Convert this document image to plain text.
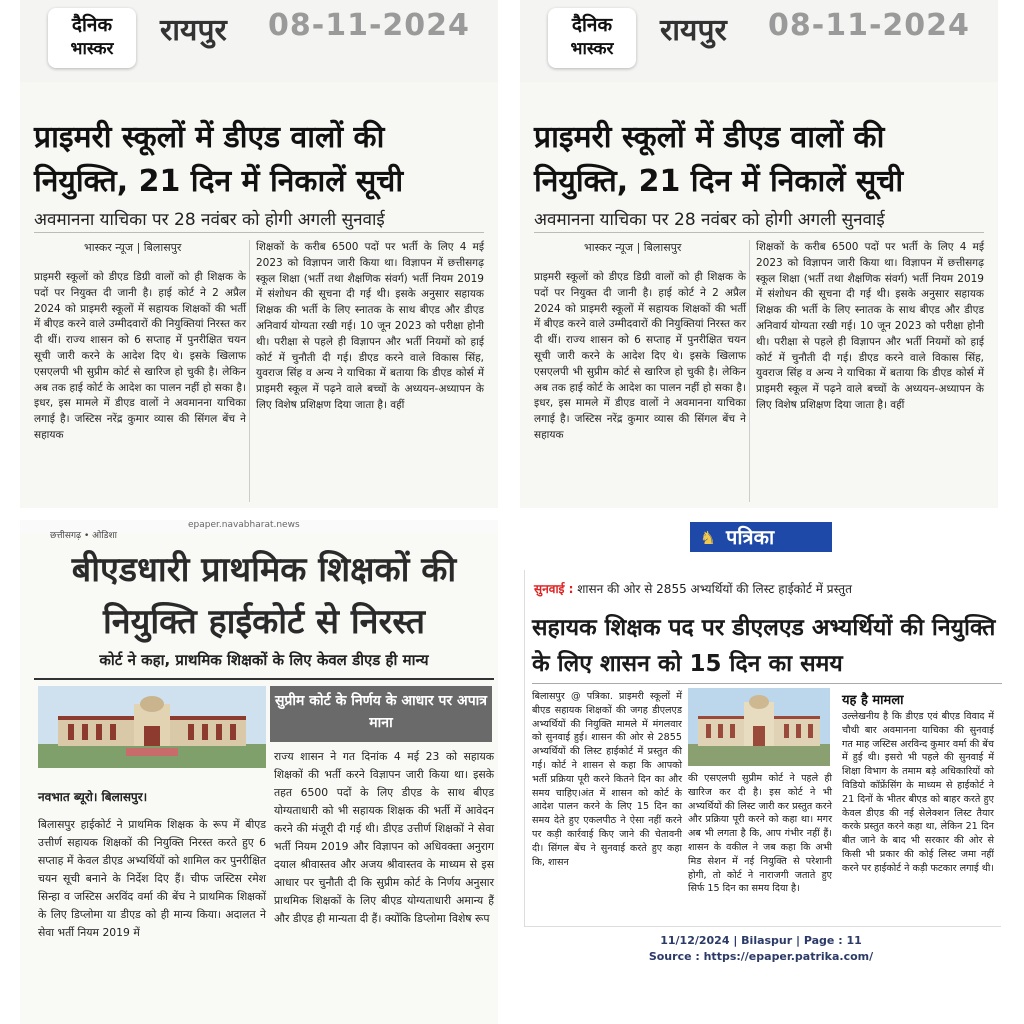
दैनिक
भास्कर
रायपुर 08-11-2024
प्राइमरी स्कूलों में डीएड वालों की नियुक्ति, 21 दिन में निकालें सूची
अवमानना याचिका पर 28 नवंबर को होगी अगली सुनवाई
भास्कर न्यूज | बिलासपुर
प्राइमरी स्कूलों को डीएड डिग्री वालों को ही शिक्षक के पदों पर नियुक्त दी जानी है। हाई कोर्ट ने 2 अप्रैल 2024 को प्राइमरी स्कूलों में सहायक शिक्षकों की भर्ती में बीएड करने वाले उम्मीदवारों की नियुक्तियां निरस्त कर दी थीं। राज्य शासन को 6 सप्ताह में पुनरीक्षित चयन सूची जारी करने के आदेश दिए थे। इसके खिलाफ एसएलपी भी सुप्रीम कोर्ट से खारिज हो चुकी है। लेकिन अब तक हाई कोर्ट के आदेश का पालन नहीं हो सका है। इधर, इस मामले में डीएड वालों ने अवमानना याचिका लगाई है। जस्टिस नरेंद्र कुमार व्यास की सिंगल बेंच ने सहायक
शिक्षकों के करीब 6500 पदों पर भर्ती के लिए 4 मई 2023 को विज्ञापन जारी किया था। विज्ञापन में छत्तीसगढ़ स्कूल शिक्षा (भर्ती तथा शैक्षणिक संवर्ग) भर्ती नियम 2019 में संशोधन की सूचना दी गई थी। इसके अनुसार सहायक शिक्षक की भर्ती के लिए स्नातक के साथ बीएड और डीएड अनिवार्य योग्यता रखी गई। 10 जून 2023 को परीक्षा होनी थी। परीक्षा से पहले ही विज्ञापन और भर्ती नियमों को हाई कोर्ट में चुनौती दी गई। डीएड करने वाले विकास सिंह, युवराज सिंह व अन्य ने याचिका में बताया कि डीएड कोर्स में प्राइमरी स्कूल में पढ़ने वाले बच्चों के अध्ययन-अध्यापन के लिए विशेष प्रशिक्षण दिया जाता है। वहीं
दैनिक
भास्कर
रायपुर 08-11-2024
प्राइमरी स्कूलों में डीएड वालों की नियुक्ति, 21 दिन में निकालें सूची
अवमानना याचिका पर 28 नवंबर को होगी अगली सुनवाई
भास्कर न्यूज | बिलासपुर
प्राइमरी स्कूलों को डीएड डिग्री वालों को ही शिक्षक के पदों पर नियुक्त दी जानी है। हाई कोर्ट ने 2 अप्रैल 2024 को प्राइमरी स्कूलों में सहायक शिक्षकों की भर्ती में बीएड करने वाले उम्मीदवारों की नियुक्तियां निरस्त कर दी थीं। राज्य शासन को 6 सप्ताह में पुनरीक्षित चयन सूची जारी करने के आदेश दिए थे। इसके खिलाफ एसएलपी भी सुप्रीम कोर्ट से खारिज हो चुकी है। लेकिन अब तक हाई कोर्ट के आदेश का पालन नहीं हो सका है। इधर, इस मामले में डीएड वालों ने अवमानना याचिका लगाई है। जस्टिस नरेंद्र कुमार व्यास की सिंगल बेंच ने सहायक
शिक्षकों के करीब 6500 पदों पर भर्ती के लिए 4 मई 2023 को विज्ञापन जारी किया था। विज्ञापन में छत्तीसगढ़ स्कूल शिक्षा (भर्ती तथा शैक्षणिक संवर्ग) भर्ती नियम 2019 में संशोधन की सूचना दी गई थी। इसके अनुसार सहायक शिक्षक की भर्ती के लिए स्नातक के साथ बीएड और डीएड अनिवार्य योग्यता रखी गई। 10 जून 2023 को परीक्षा होनी थी। परीक्षा से पहले ही विज्ञापन और भर्ती नियमों को हाई कोर्ट में चुनौती दी गई। डीएड करने वाले विकास सिंह, युवराज सिंह व अन्य ने याचिका में बताया कि डीएड कोर्स में प्राइमरी स्कूल में पढ़ने वाले बच्चों के अध्ययन-अध्यापन के लिए विशेष प्रशिक्षण दिया जाता है। वहीं
छत्तीसगढ़ • ओडिशा
epaper.navabharat.news
बीएडधारी प्राथमिक शिक्षकों की नियुक्ति हाईकोर्ट से निरस्त
कोर्ट ने कहा, प्राथमिक शिक्षकों के लिए केवल डीएड ही मान्य
सुप्रीम कोर्ट के निर्णय के आधार पर अपात्र माना
नवभात ब्यूरो। बिलासपुर।
बिलासपुर हाईकोर्ट ने प्राथमिक शिक्षक के रूप में बीएड उत्तीर्ण सहायक शिक्षकों की नियुक्ति निरस्त करते हुए 6 सप्ताह में केवल डीएड अभ्यर्थियों को शामिल कर पुनरीक्षित चयन सूची बनाने के निर्देश दिए हैं। चीफ जस्टिस रमेश सिन्हा व जस्टिस अरविंद वर्मा की बेंच ने प्राथमिक शिक्षकों के लिए डिप्लोमा या डीएड को ही मान्य किया। अदालत ने सेवा भर्ती नियम 2019 में
राज्य शासन ने गत दिनांक 4 मई 23 को सहायक शिक्षकों की भर्ती करने विज्ञापन जारी किया था। इसके तहत 6500 पदों के लिए डीएड के साथ बीएड योग्यताधारी को भी सहायक शिक्षक की भर्ती में आवेदन करने की मंजूरी दी गई थी। डीएड उत्तीर्ण शिक्षकों ने सेवा भर्ती नियम 2019 और विज्ञापन को अधिवक्ता अनुराग दयाल श्रीवास्तव और अजय श्रीवास्तव के माध्यम से इस आधार पर चुनौती दी कि सुप्रीम कोर्ट के निर्णय अनुसार प्राथमिक शिक्षकों के लिए बीएड योग्यताधारी अमान्य हैं और डीएड ही मान्यता दी हैं। क्योंकि डिप्लोमा विशेष रूप
♞ पत्रिका
सुनवाई : शासन की ओर से 2855 अभ्यर्थियों की लिस्ट हाईकोर्ट में प्रस्तुत
सहायक शिक्षक पद पर डीएलएड अभ्यर्थियों की नियुक्ति के लिए शासन को 15 दिन का समय
बिलासपुर @ पत्रिका. प्राइमरी स्कूलों में बीएड सहायक शिक्षकों की जगह डीएलएड अभ्यर्थियों की नियुक्ति मामले में मंगलवार को सुनवाई हुई। शासन की ओर से 2855 अभ्यर्थियों की लिस्ट हाईकोर्ट में प्रस्तुत की गई। कोर्ट ने शासन से कहा कि आपको भर्ती प्रक्रिया पूरी करने कितने दिन का और समय चाहिए।अंत में शासन को कोर्ट के आदेश पालन करने के लिए 15 दिन का समय देते हुए एकलपीठ ने ऐसा नहीं करने पर कड़ी कार्रवाई किए जाने की चेतावनी दी। सिंगल बेंच ने सुनवाई करते हुए कहा कि, शासन
की एसएलपी सुप्रीम कोर्ट ने पहले ही खारिज कर दी है। इस कोर्ट ने भी अभ्यर्थियों की लिस्ट जारी कर प्रस्तुत करने और प्रक्रिया पूरी करने को कहा था। मगर अब भी लगता है कि, आप गंभीर नहीं हैं। शासन के वकील ने जब कहा कि अभी मिड सेशन में नई नियुक्ति से परेशानी होगी, तो कोर्ट ने नाराजगी जताते हुए सिर्फ 15 दिन का समय दिया है।
यह है मामला
उल्लेखनीय है कि डीएड एवं बीएड विवाद में चौथी बार अवमानना याचिका की सुनवाई गत माह जस्टिस अरविन्द कुमार वर्मा की बेंच में हुई थी। इसरो भी पहले की सुनवाई में शिक्षा विभाग के तमाम बड़े अधिकारियों को विडियो कॉफ्रेंसिंग के माध्यम से हाईकोर्ट ने 21 दिनों के भीतर बीएड को बाहर करते हुए केवल डीएड की नई सेलेक्शन लिस्ट तैयार करके प्रस्तुत करने कहा था, लेकिन 21 दिन बीत जाने के बाद भी सरकार की ओर से किसी भी प्रकार की कोई लिस्ट जमा नहीं करने पर हाईकोर्ट ने कड़ी फटकार लगाई थी।
11/12/2024 | Bilaspur | Page : 11
Source : https://epaper.patrika.com/
